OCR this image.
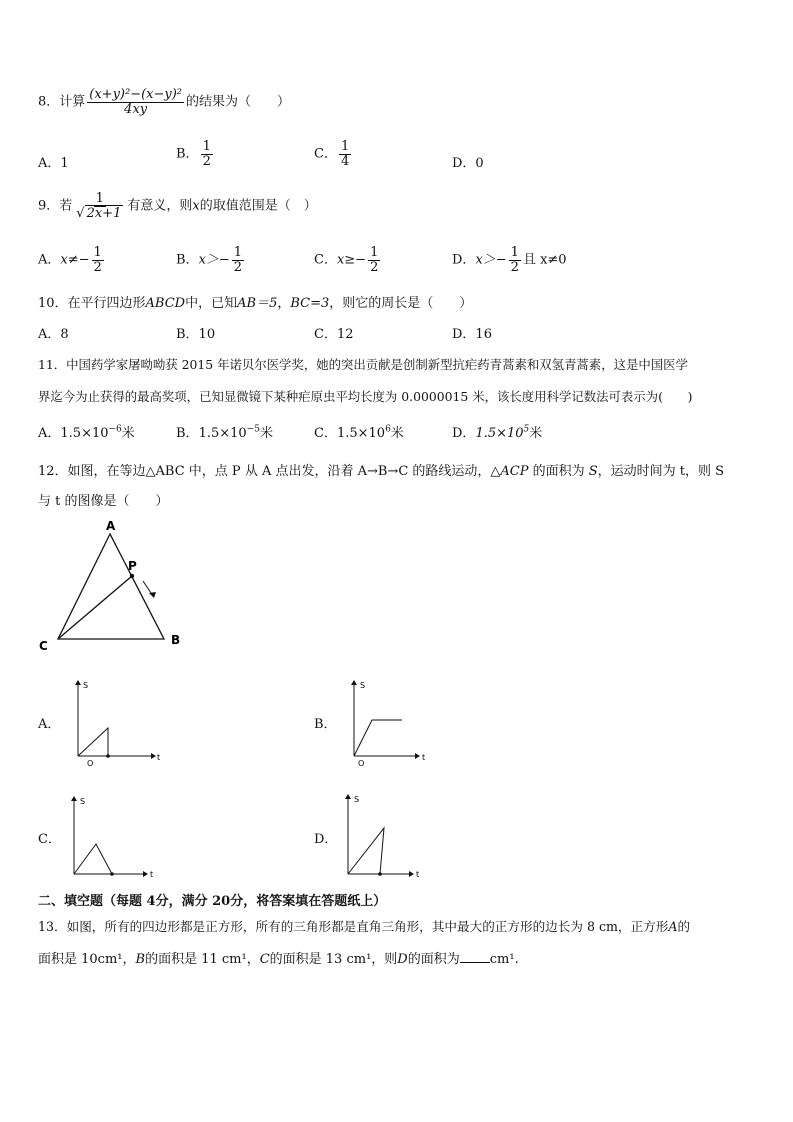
8．计算 $\frac{\text{(x+y)²−(x−y)²}}{4xy}$ 的结果为（　　）
A．1
B． $\frac{1}{2}$	C． $\frac{1}{4}$	D．0
9．若 $\frac{1}{√ 2x+1}$ 有意义，则x的取值范围是（　）
A．$x\ne- \frac{1}{2}$	B．$x>- \frac{1}{2}$	C．$x\ge- \frac{1}{2}$	D．$x>- \frac{1}{2}$ 且 x≠0
10．在平行四边形ABCD中，已知AB＝5，BC=3，则它的周长是（　　）
A．8	B．10	C．12	D．16
11．中国药学家屠呦呦获 2015 年诺贝尔医学奖，她的突出贡献是创制新型抗疟药青蒿素和双氢青蒿素，这是中国医学
界迄今为止获得的最高奖项，已知显微镜下某种疟原虫平均长度为 0.0000015 米，该长度用科学记数法可表示为(　　)
A．$1.5\times 10^{-6}$米	B．$1.5\times 10^{-5}$米	C．$1.5\times 10^6$米	D．$1.5\times 10^5$米
12．如图，在等边△ABC 中，点 P 从 A 点出发，沿着 A→B→C 的路线运动，△ACP 的面积为 S，运动时间为 t，则 S
与 t 的图像是（　　）
A
P
C	B
A．
S
t
O
B．
S
t
O
C．
S
t
D．
S
t
二、填空题（每题 4分，满分 20分，将答案填在答题纸上）
13．如图，所有的四边形都是正方形，所有的三角形都是直角三角形，其中最大的正方形的边长为 8 cm，正方形A的
面积是 10cm¹，B的面积是 11 cm¹，C的面积是 13 cm¹，则D的面积为 cm¹.
